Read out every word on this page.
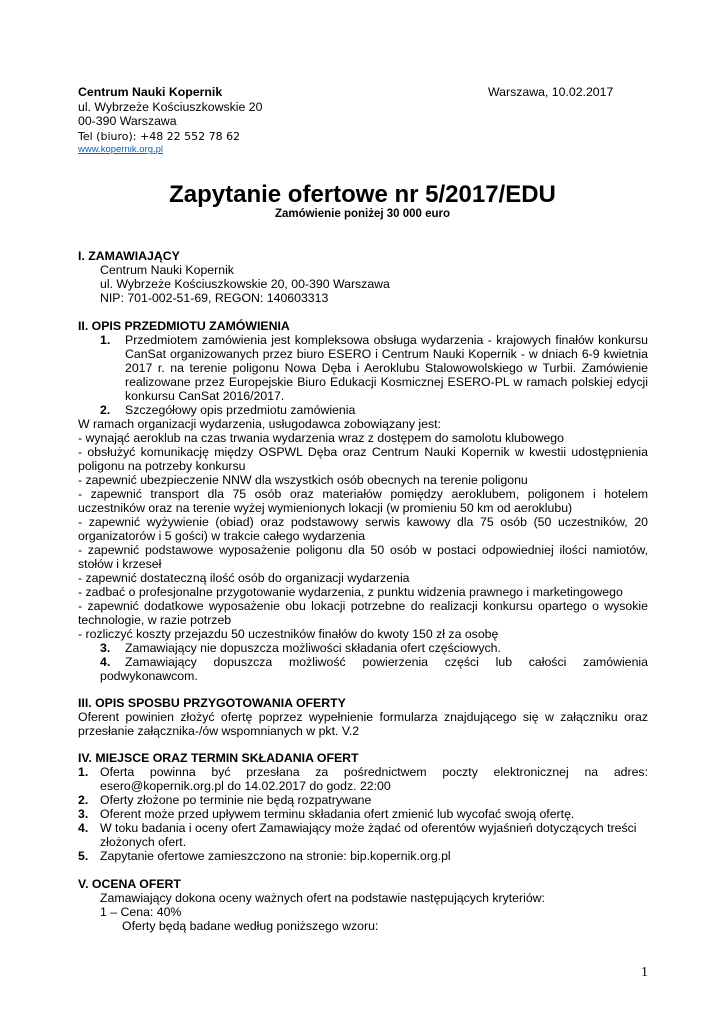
Centrum Nauki Kopernik	Warszawa, 10.02.2017
ul. Wybrzeże Kościuszkowskie 20
00-390 Warszawa
Tel (biuro): +48 22 552 78 62
www.kopernik.org.pl
Zapytanie ofertowe nr 5/2017/EDU
Zamówienie poniżej 30 000 euro
I. ZAMAWIAJĄCY
Centrum Nauki Kopernik
ul. Wybrzeże Kościuszkowskie 20, 00-390 Warszawa
NIP: 701-002-51-69, REGON: 140603313
II. OPIS PRZEDMIOTU ZAMÓWIENIA
1. Przedmiotem zamówienia jest kompleksowa obsługa wydarzenia - krajowych finałów konkursu
CanSat organizowanych przez biuro ESERO i Centrum Nauki Kopernik - w dniach 6-9 kwietnia
2017 r. na terenie poligonu Nowa Dęba i Aeroklubu Stalowowolskiego w Turbii. Zamówienie
realizowane przez Europejskie Biuro Edukacji Kosmicznej ESERO-PL w ramach polskiej edycji
konkursu CanSat 2016/2017.
2. Szczegółowy opis przedmiotu zamówienia
W ramach organizacji wydarzenia, usługodawca zobowiązany jest:
- wynająć aeroklub na czas trwania wydarzenia wraz z dostępem do samolotu klubowego
- obsłużyć komunikację między OSPWL Dęba oraz Centrum Nauki Kopernik w kwestii udostępnienia
poligonu na potrzeby konkursu
- zapewnić ubezpieczenie NNW dla wszystkich osób obecnych na terenie poligonu
- zapewnić transport dla 75 osób oraz materiałów pomiędzy aeroklubem, poligonem i hotelem
uczestników oraz na terenie wyżej wymienionych lokacji (w promieniu 50 km od aeroklubu)
- zapewnić wyżywienie (obiad) oraz podstawowy serwis kawowy dla 75 osób (50 uczestników, 20
organizatorów i 5 gości) w trakcie całego wydarzenia
- zapewnić podstawowe wyposażenie poligonu dla 50 osób w postaci odpowiedniej ilości namiotów,
stołów i krzeseł
- zapewnić dostateczną ilość osób do organizacji wydarzenia
- zadbać o profesjonalne przygotowanie wydarzenia, z punktu widzenia prawnego i marketingowego
- zapewnić dodatkowe wyposażenie obu lokacji potrzebne do realizacji konkursu opartego o wysokie
technologie, w razie potrzeb
- rozliczyć koszty przejazdu 50 uczestników finałów do kwoty 150 zł za osobę
3. Zamawiający nie dopuszcza możliwości składania ofert częściowych.
4. Zamawiający dopuszcza możliwość powierzenia części lub całości zamówienia
podwykonawcom.
III. OPIS SPOSBU PRZYGOTOWANIA OFERTY
Oferent powinien złożyć ofertę poprzez wypełnienie formularza znajdującego się w załączniku oraz
przesłanie załącznika-/ów wspomnianych w pkt. V.2
IV. MIEJSCE ORAZ TERMIN SKŁADANIA OFERT
1. Oferta powinna być przesłana za pośrednictwem poczty elektronicznej na adres:
esero@kopernik.org.pl do 14.02.2017 do godz. 22:00
2. Oferty złożone po terminie nie będą rozpatrywane
3. Oferent może przed upływem terminu składania ofert zmienić lub wycofać swoją ofertę.
4. W toku badania i oceny ofert Zamawiający może żądać od oferentów wyjaśnień dotyczących treści
złożonych ofert.
5. Zapytanie ofertowe zamieszczono na stronie: bip.kopernik.org.pl
V. OCENA OFERT
Zamawiający dokona oceny ważnych ofert na podstawie następujących kryteriów:
1 – Cena: 40%
Oferty będą badane według poniższego wzoru:
1
